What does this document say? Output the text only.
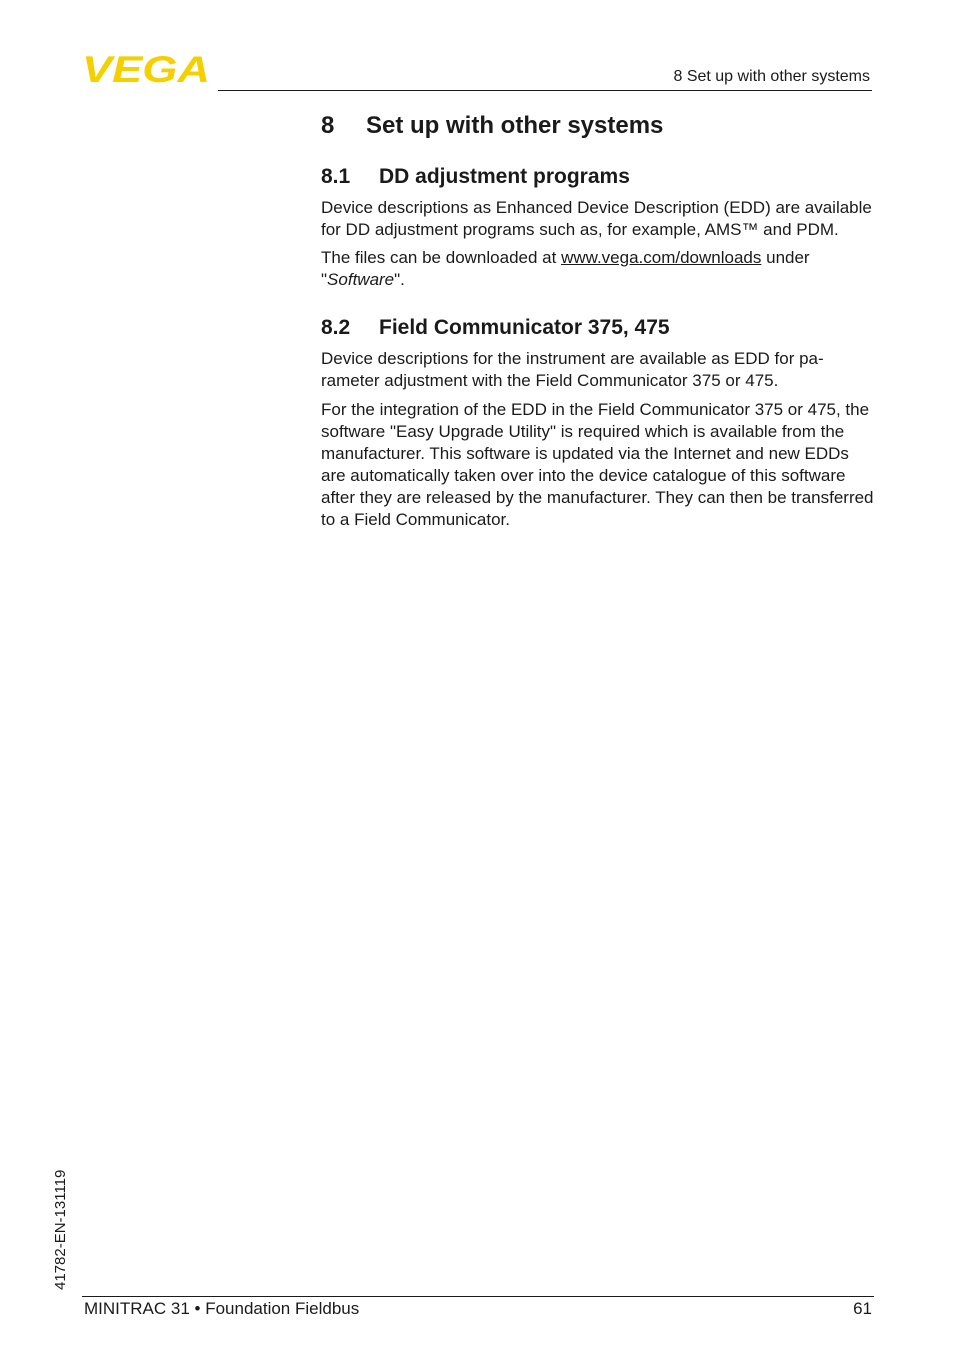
VEGA	8 Set up with other systems
8 Set up with other systems
8.1 DD adjustment programs

Device descriptions as Enhanced Device Description (EDD) are available for DD adjustment programs such as, for example, AMS™ and PDM.

The files can be downloaded at www.vega.com/downloads under "Software".

8.2 Field Communicator 375, 475

Device descriptions for the instrument are available as EDD for pa-rameter adjustment with the Field Communicator 375 or 475.

For the integration of the EDD in the Field Communicator 375 or 475, the software "Easy Upgrade Utility" is required which is available from the manufacturer. This software is updated via the Internet and new EDDs are automatically taken over into the device catalogue of this software after they are released by the manufacturer. They can then be transferred to a Field Communicator.

41782-EN-131119
MINITRAC 31 • Foundation Fieldbus	61
